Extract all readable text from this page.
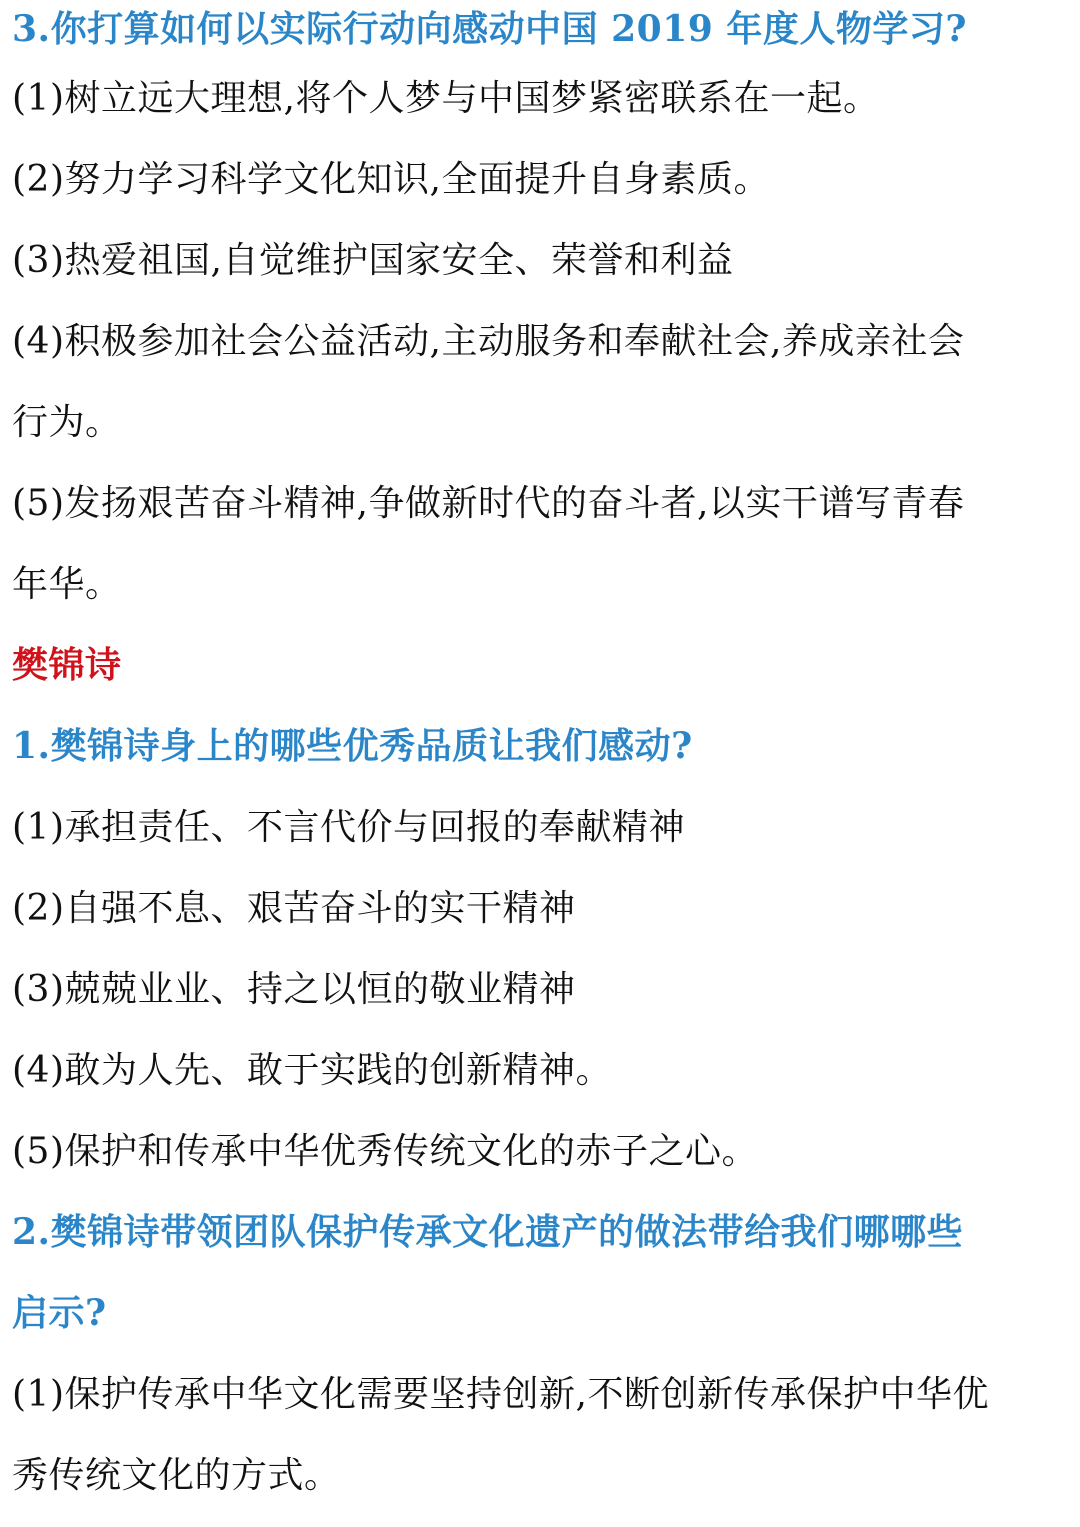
3.你打算如何以实际行动向感动中国 2019 年度人物学习?

(1)树立远大理想,将个人梦与中国梦紧密联系在一起。

(2)努力学习科学文化知识,全面提升自身素质。

(3)热爱祖国,自觉维护国家安全、荣誉和利益

(4)积极参加社会公益活动,主动服务和奉献社会,养成亲社会

行为。

(5)发扬艰苦奋斗精神,争做新时代的奋斗者,以实干谱写青春

年华。

樊锦诗

1.樊锦诗身上的哪些优秀品质让我们感动?

(1)承担责任、不言代价与回报的奉献精神

(2)自强不息、艰苦奋斗的实干精神

(3)兢兢业业、持之以恒的敬业精神

(4)敢为人先、敢于实践的创新精神。

(5)保护和传承中华优秀传统文化的赤子之心。

2.樊锦诗带领团队保护传承文化遗产的做法带给我们哪哪些

启示?

(1)保护传承中华文化需要坚持创新,不断创新传承保护中华优

秀传统文化的方式。
